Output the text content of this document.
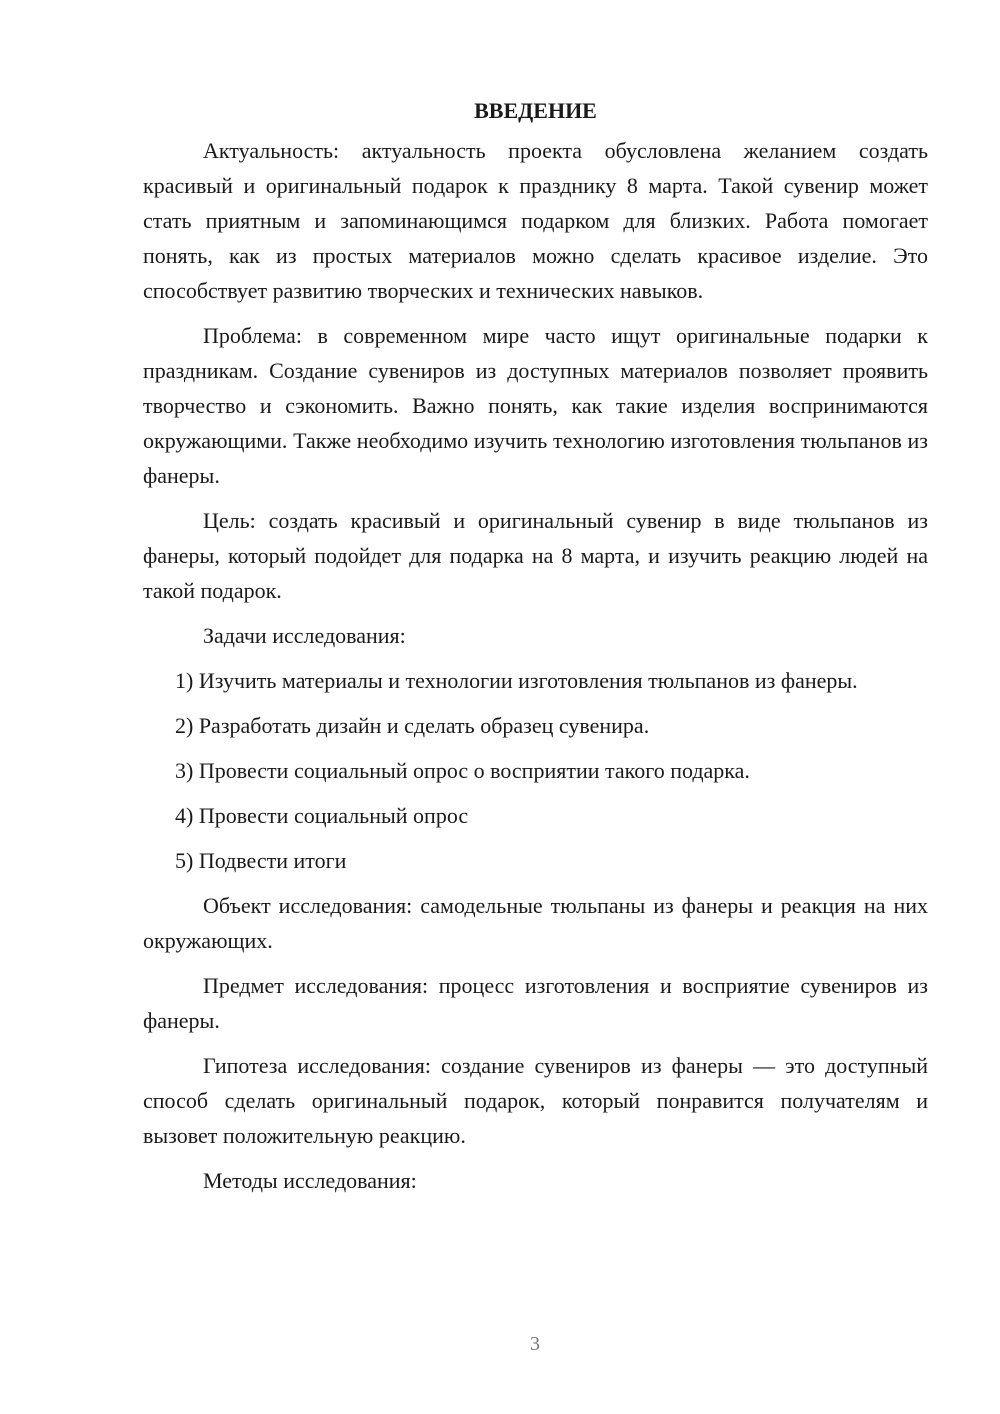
ВВЕДЕНИЕ

Актуальность: актуальность проекта обусловлена желанием создать красивый и оригинальный подарок к празднику 8 марта. Такой сувенир может стать приятным и запоминающимся подарком для близких. Работа помогает понять, как из простых материалов можно сделать красивое изделие. Это способствует развитию творческих и технических навыков.

Проблема: в современном мире часто ищут оригинальные подарки к праздникам. Создание сувениров из доступных материалов позволяет проявить творчество и сэкономить. Важно понять, как такие изделия воспринимаются окружающими. Также необходимо изучить технологию изготовления тюльпанов из фанеры.

Цель: создать красивый и оригинальный сувенир в виде тюльпанов из фанеры, который подойдет для подарка на 8 марта, и изучить реакцию людей на такой подарок.

Задачи исследования:

1) Изучить материалы и технологии изготовления тюльпанов из фанеры.

2) Разработать дизайн и сделать образец сувенира.

3) Провести социальный опрос о восприятии такого подарка.

4) Провести социальный опрос

5) Подвести итоги

Объект исследования: самодельные тюльпаны из фанеры и реакция на них окружающих.

Предмет исследования: процесс изготовления и восприятие сувениров из фанеры.

Гипотеза исследования: создание сувениров из фанеры — это доступный способ сделать оригинальный подарок, который понравится получателям и вызовет положительную реакцию.

Методы исследования:

3
